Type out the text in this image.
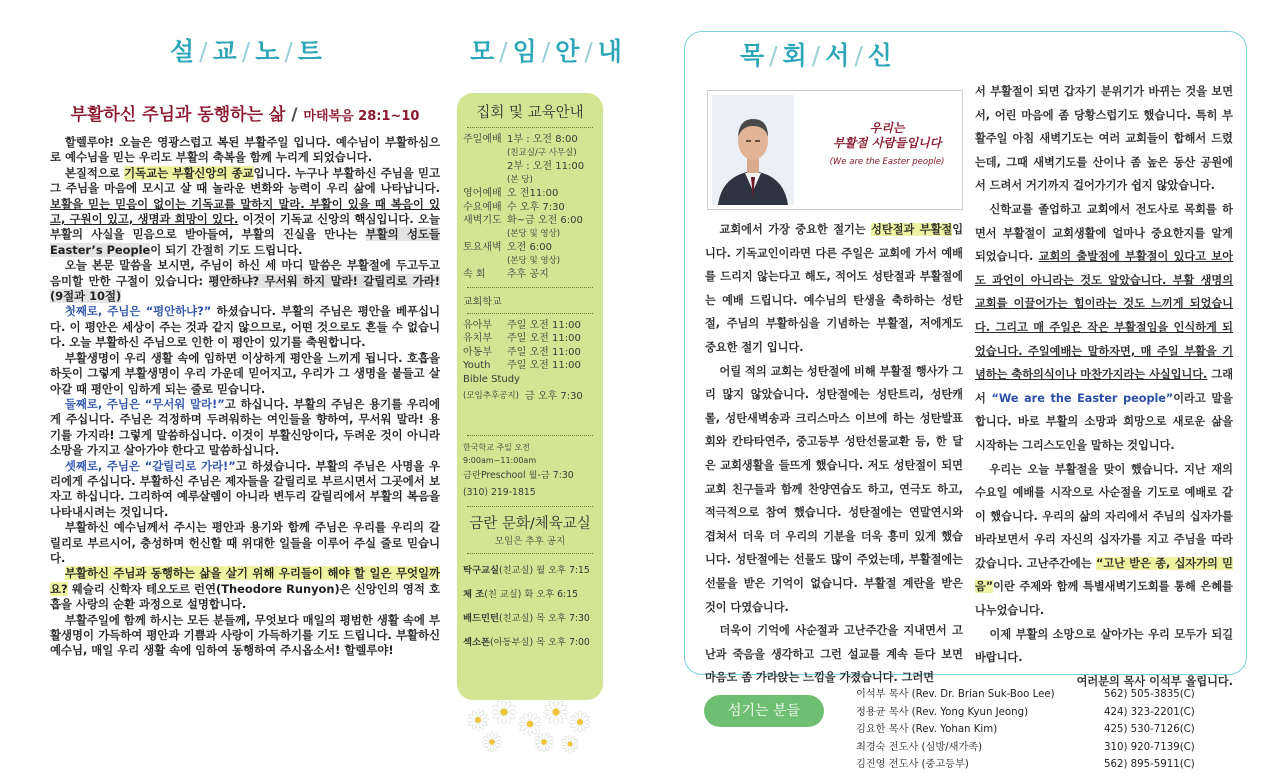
설 / 교 / 노 / 트	모 / 임 / 안 / 내	목 / 회 / 서 / 신
부활하신 주님과 동행하는 삶 / 마태복음 28:1~10

할렐루야! 오늘은 영광스럽고 복된 부활주일 입니다. 예수님이 부활하심으로 예수님을 믿는 우리도 부활의 축복을 함께 누리게 되었습니다.

본질적으로 기독교는 부활신앙의 종교입니다. 누구나 부활하신 주님을 믿고 그 주님을 마음에 모시고 살 때 놀라운 변화와 능력이 우리 삶에 나타납니다. 보활을 믿는 믿음이 없이는 기독교를 말하지 말라. 부활이 있을 때 복음이 있고, 구원이 있고, 생명과 희망이 있다. 이것이 기독교 신앙의 핵심입니다. 오늘 부활의 사실을 믿음으로 받아들여, 부활의 진실을 만나는 부활의 성도들 Easter’s People이 되기 간절히 기도 드립니다.

오늘 본문 말씀을 보시면, 주님이 하신 세 마디 말씀은 부활절에 두고두고 음미할 만한 구절이 있습니다: 평안하냐? 무서워 하지 말라! 갈릴리로 가라! (9절과 10절)

첫째로, 주님은 “평안하냐?” 하셨습니다. 부활의 주님은 평안을 베푸십니다. 이 평안은 세상이 주는 것과 같지 않으므로, 어떤 것으로도 흔들 수 없습니다. 오늘 부활하신 주님으로 인한 이 평안이 있기를 축원합니다.

부활생명이 우리 생활 속에 임하면 이상하게 평안을 느끼게 됩니다. 호흡을 하듯이 그렇게 부활생명이 우리 가운데 믿어지고, 우리가 그 생명을 붙들고 살아갈 때 평안이 임하게 되는 줄로 믿습니다.

둘째로, 주님은 “무서워 말라!”고 하십니다. 부활의 주님은 용기를 우리에게 주십니다. 주님은 걱정하며 두려워하는 여인들을 향하여, 무서워 말라! 용기를 가지라! 그렇게 말씀하십니다. 이것이 부활신앙이다, 두려운 것이 아니라 소망을 가지고 살아가야 한다고 말씀하십니다.

셋째로, 주님은 “갈릴리로 가라!”고 하셨습니다. 부활의 주님은 사명을 우리에게 주십니다. 부활하신 주님은 제자들을 갈릴리로 부르시면서 그곳에서 보자고 하십니다. 그리하여 예루살렘이 아니라 변두리 갈릴리에서 부활의 복음을 나타내시려는 것입니다.

부활하신 예수님께서 주시는 평안과 용기와 함께 주님은 우리를 우리의 갈릴리로 부르시어, 충성하며 헌신할 때 위대한 일들을 이루어 주실 줄로 믿습니다.

부활하신 주님과 동행하는 삶을 살기 위해 우리들이 해야 할 일은 무엇일까요? 웨슬리 신학자 테오도르 런연(Theodore Runyon)은 신앙인의 영적 호흡을 사랑의 순환 과정으로 설명합니다.

부활주일에 함께 하시는 모든 분들께, 무엇보다 매일의 평범한 생활 속에 부활생명이 가득하여 평안과 기쁨과 사랑이 가득하기를 기도 드립니다. 부활하신 예수님, 매일 우리 생활 속에 임하여 동행하여 주시옵소서! 할렐루야!

집회 및 교육안내
주일예배 1부 : 오전 8:00
(친교실/구 사무실)
2부 : 오전 11:00
(본 당)
영어예배 오 전11:00
수요예배 수 오후 7:30
새벽기도 화~금 오전 6:00
(본당 및 영상)
토요새벽 오전 6:00
(본당 및 영상)
속 회	추후 공지
교회학교
유아부	주일 오전 11:00
유치부	주일 오전 11:00
아동부	주일 오전 11:00
Youth	주일 오전 11:00
Bible Study
(모임추후공지) 금 오후 7:30
한국학교 주일 오전 9:00am~11:00am
금란Preschool 월-금 7:30
(310) 219-1815
금란 문화/체육교실
모임은 추후 공지
탁구교실(친교실) 월 오후 7:15
체 조(친 교실) 화 오후 6:15
배드민턴(친교실) 목 오후 7:30
섹소폰(아동부실) 목 오후 7:00
우리는
부활절 사람들입니다
(We are the Easter people)

교회에서 가장 중요한 절기는 성탄절과 부활절입니다. 기독교인이라면 다른 주일은 교회에 가서 예배를 드리지 않는다고 해도, 적어도 성탄절과 부활절에는 예배 드립니다. 예수님의 탄생을 축하하는 성탄절, 주님의 부활하심을 기념하는 부활절, 저에게도 중요한 절기 입니다.

어릴 적의 교회는 성탄절에 비해 부활절 행사가 그리 많지 않았습니다. 성탄절에는 성탄트리, 성탄캐롤, 성탄새벽송과 크리스마스 이브에 하는 성탄발표회와 칸타타연주, 중고등부 성탄선물교환 등, 한 달은 교회생활을 들뜨게 했습니다. 저도 성탄절이 되면 교회 친구들과 함께 찬양연습도 하고, 연극도 하고, 적극적으로 참여 했습니다. 성탄절에는 연말연시와 겹쳐서 더욱 더 우리의 기분을 더욱 흥미 있게 했습니다. 성탄절에는 선물도 많이 주었는데, 부활절에는 선물을 받은 기억이 없습니다. 부활절 계란을 받은 것이 다였습니다.

더욱이 기억에 사순절과 고난주간을 지내면서 고난과 죽음을 생각하고 그런 설교를 계속 듣다 보면 마음도 좀 가라앉는 느낌을 가졌습니다. 그러면

서 부활절이 되면 갑자기 분위기가 바뀌는 것을 보면서, 어린 마음에 좀 당황스럽기도 했습니다. 특히 부활주일 아침 새벽기도는 여러 교회들이 합해서 드렸는데, 그때 새벽기도를 산이나 좀 높은 동산 공원에서 드려서 거기까지 걸어가기가 쉽지 않았습니다.

신학교를 졸업하고 교회에서 전도사로 목회를 하면서 부활절이 교회생활에 얼마나 중요한지를 알게 되었습니다. 교회의 출발점에 부활절이 있다고 보아도 과언이 아니라는 것도 알았습니다. 부활 생명의 교회를 이끌어가는 힘이라는 것도 느끼게 되었습니다. 그리고 매 주일은 작은 부활절임을 인식하게 되었습니다. 주일예배는 말하자면, 매 주일 부활을 기념하는 축하의식이나 마찬가지라는 사실입니다. 그래서 “We are the Easter people”이라고 말을 합니다. 바로 부활의 소망과 희망으로 새로운 삶을 시작하는 그리스도인을 말하는 것입니다.

우리는 오늘 부활절을 맞이 했습니다. 지난 재의 수요일 예배를 시작으로 사순절을 기도로 예배로 같이 했습니다. 우리의 삶의 자리에서 주님의 십자가를 바라보면서 우리 자신의 십자가를 지고 주님을 따라 갔습니다. 고난주간에는 “고난 받은 종, 십자가의 믿음”이란 주제와 함께 특별새벽기도회를 통해 은혜를 나누었습니다.

이제 부활의 소망으로 살아가는 우리 모두가 되길 바랍니다.

여러분의 목사 이석부 올립니다.
섬기는 분들
이석부 목사 (Rev. Dr. Brian Suk-Boo Lee)	562) 505-3835(C)
정용균 목사 (Rev. Yong Kyun Jeong)	424) 323-2201(C)
김요한 목사 (Rev. Yohan Kim)	425) 530-7126(C)
최경숙 전도사 (심방/새가족)	310) 920-7139(C)
김진영 전도사 (중고등부)	562) 895-5911(C)
